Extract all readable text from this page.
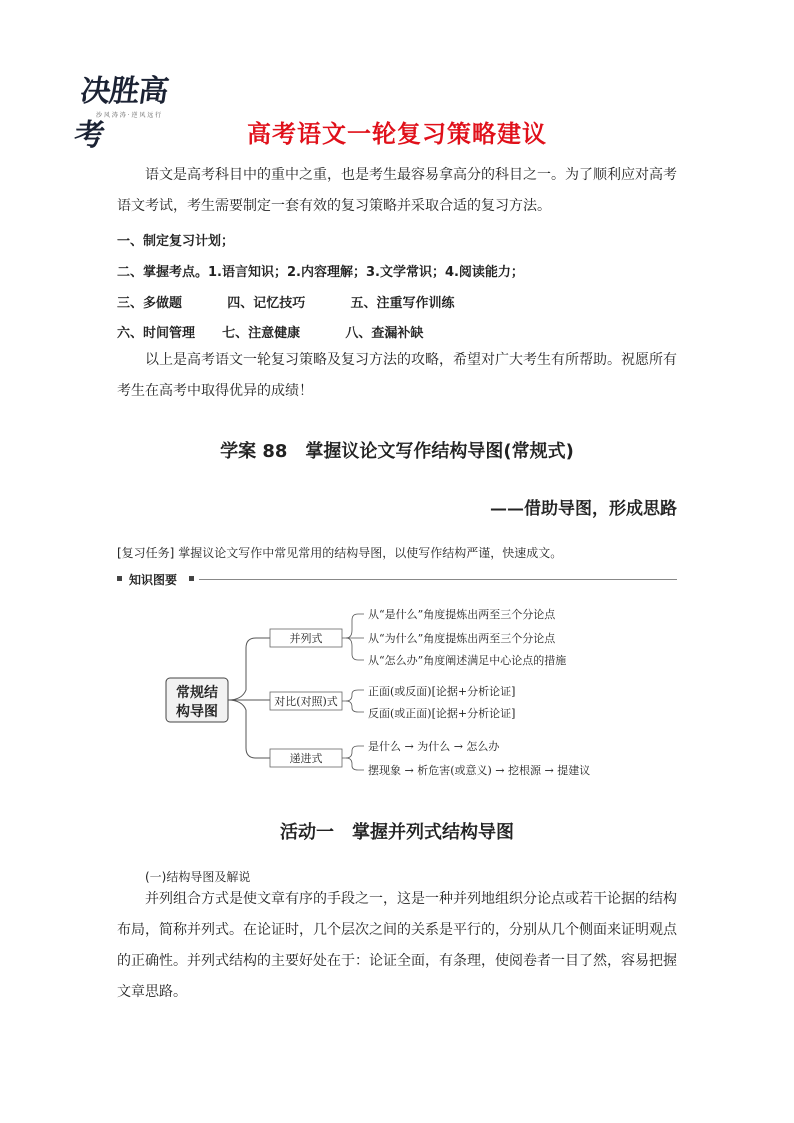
决胜高考
沙 风 涛 涛 · 逆 风 远 行
高考语文一轮复习策略建议
语文是高考科目中的重中之重，也是考生最容易拿高分的科目之一。为了顺利应对高考语文考试，考生需要制定一套有效的复习策略并采取合适的复习方法。
一、制定复习计划；
二、掌握考点。1.语言知识；2.内容理解；3.文学常识；4.阅读能力；
三、多做题          四、记忆技巧          五、注重写作训练
六、时间管理      七、注意健康          八、查漏补缺
以上是高考语文一轮复习策略及复习方法的攻略，希望对广大考生有所帮助。祝愿所有考生在高考中取得优异的成绩！
学案 88　掌握议论文写作结构导图(常规式)
——借助导图，形成思路
[复习任务] 掌握议论文写作中常见常用的结构导图，以使写作结构严谨，快速成文。
知识图要
常规结
构导图
并列式
从“是什么”角度提炼出两至三个分论点
从“为什么”角度提炼出两至三个分论点
从“怎么办”角度阐述满足中心论点的措施
对比(对照)式
正面(或反面)[论据+分析论证]
反面(或正面)[论据+分析论证]
递进式
是什么 → 为什么 → 怎么办
摆现象 → 析危害(或意义) → 挖根源 → 提建议
活动一　掌握并列式结构导图
(一)结构导图及解说
并列组合方式是使文章有序的手段之一，这是一种并列地组织分论点或若干论据的结构布局，简称并列式。在论证时，几个层次之间的关系是平行的，分别从几个侧面来证明观点的正确性。并列式结构的主要好处在于：论证全面，有条理，使阅卷者一目了然，容易把握文章思路。
